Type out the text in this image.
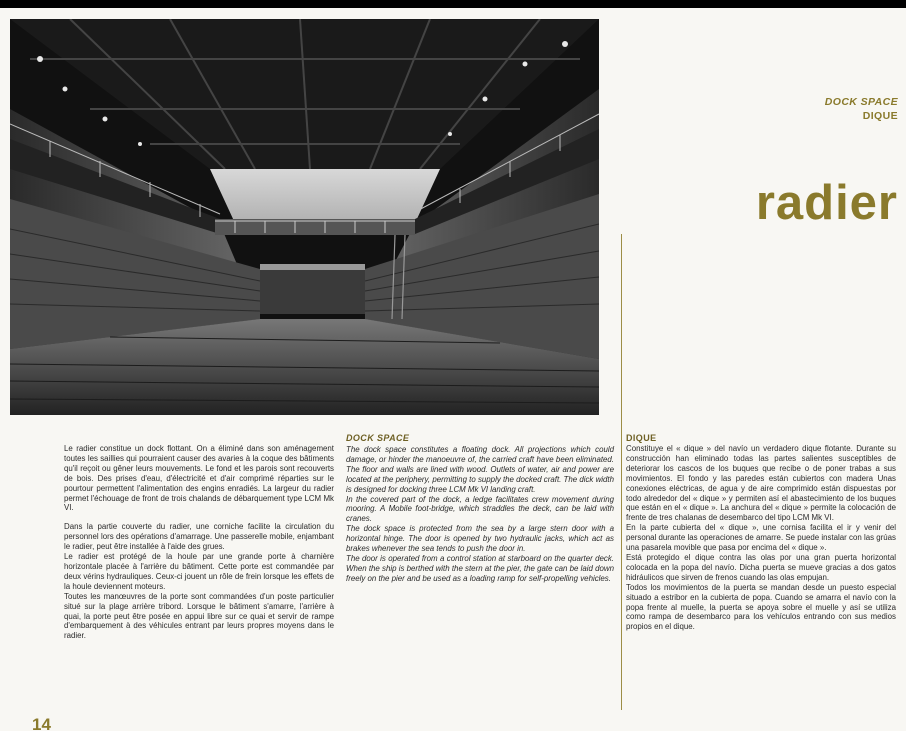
DOCK SPACE
DIQUE
radier

Le radier constitue un dock flottant. On a éliminé dans son aménagement toutes les saillies qui pourraient causer des avaries à la coque des bâtiments qu'il reçoit ou gêner leurs mouvements. Le fond et les parois sont recouverts de bois. Des prises d'eau, d'électricité et d'air comprimé réparties sur le pourtour permettent l'alimentation des engins enradiés. La largeur du radier permet l'échouage de front de trois chalands de débarquement type LCM Mk VI.

Dans la partie couverte du radier, une corniche facilite la circulation du personnel lors des opérations d'amarrage. Une passerelle mobile, enjambant le radier, peut être installée à l'aide des grues.

Le radier est protégé de la houle par une grande porte à charnière horizontale placée à l'arrière du bâtiment. Cette porte est commandée par deux vérins hydrauliques. Ceux-ci jouent un rôle de frein lorsque les effets de la houle deviennent moteurs.

Toutes les manœuvres de la porte sont commandées d'un poste particulier situé sur la plage arrière tribord. Lorsque le bâtiment s'amarre, l'arrière à quai, la porte peut être posée en appui libre sur ce quai et servir de rampe d'embarquement à des véhicules entrant par leurs propres moyens dans le radier.

DOCK SPACE

The dock space constitutes a floating dock. All projections which could damage, or hinder the manoeuvre of, the carried craft have been eliminated. The floor and walls are lined with wood. Outlets of water, air and power are located at the periphery, permitting to supply the docked craft. The dick width is designed for docking three LCM Mk VI landing craft.

In the covered part of the dock, a ledge facilitates crew movement during mooring. A Mobile foot-bridge, which straddles the deck, can be laid with cranes.

The dock space is protected from the sea by a large stern door with a horizontal hinge. The door is opened by two hydraulic jacks, which act as brakes whenever the sea tends to push the door in.

The door is operated from a control station at starboard on the quarter deck. When the ship is berthed with the stern at the pier, the gate can be laid down freely on the pier and be used as a loading ramp for self-propelling vehicles.

DIQUE

Constituye el « dique » del navío un verdadero dique flotante. Durante su construcción han eliminado todas las partes salientes susceptibles de deteriorar los cascos de los buques que recibe o de poner trabas a sus movimientos. El fondo y las paredes están cubiertos con madera Unas conexiones eléctricas, de agua y de aire comprimido están dispuestas por todo alrededor del « dique » y permiten así el abastecimiento de los buques que están en el « dique ». La anchura del « dique » permite la colocación de frente de tres chalanas de desembarco del tipo LCM Mk VI.

En la parte cubierta del « dique », une cornisa facilita el ir y venir del personal durante las operaciones de amarre. Se puede instalar con las grúas una pasarela movible que pasa por encima del « dique ».

Está protegido el dique contra las olas por una gran puerta horizontal colocada en la popa del navío. Dicha puerta se mueve gracias a dos gatos hidráulicos que sirven de frenos cuando las olas empujan.

Todos los movimientos de la puerta se mandan desde un puesto especial situado a estribor en la cubierta de popa. Cuando se amarra el navío con la popa frente al muelle, la puerta se apoya sobre el muelle y así se utiliza como rampa de desembarco para los vehículos entrando con sus medios propios en el dique.

14
